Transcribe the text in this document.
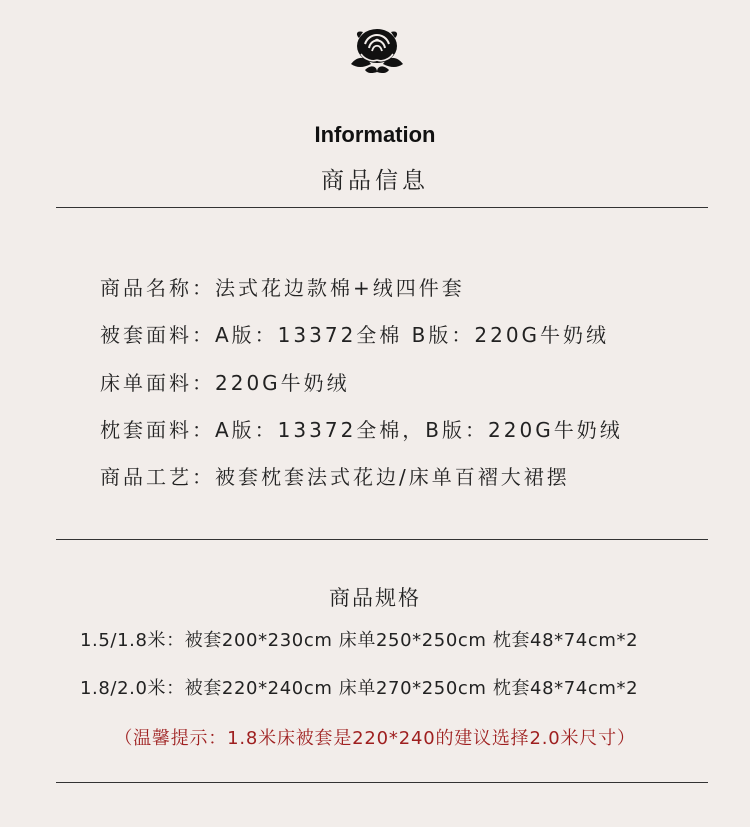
Information
商品信息
商品名称：法式花边款棉+绒四件套
被套面料：A版：13372全棉 B版：220G牛奶绒
床单面料：220G牛奶绒
枕套面料：A版：13372全棉，B版：220G牛奶绒
商品工艺：被套枕套法式花边/床单百褶大裙摆
商品规格
1.5/1.8米：被套200*230cm 床单250*250cm 枕套48*74cm*2
1.8/2.0米：被套220*240cm 床单270*250cm 枕套48*74cm*2
（温馨提示：1.8米床被套是220*240的建议选择2.0米尺寸）
